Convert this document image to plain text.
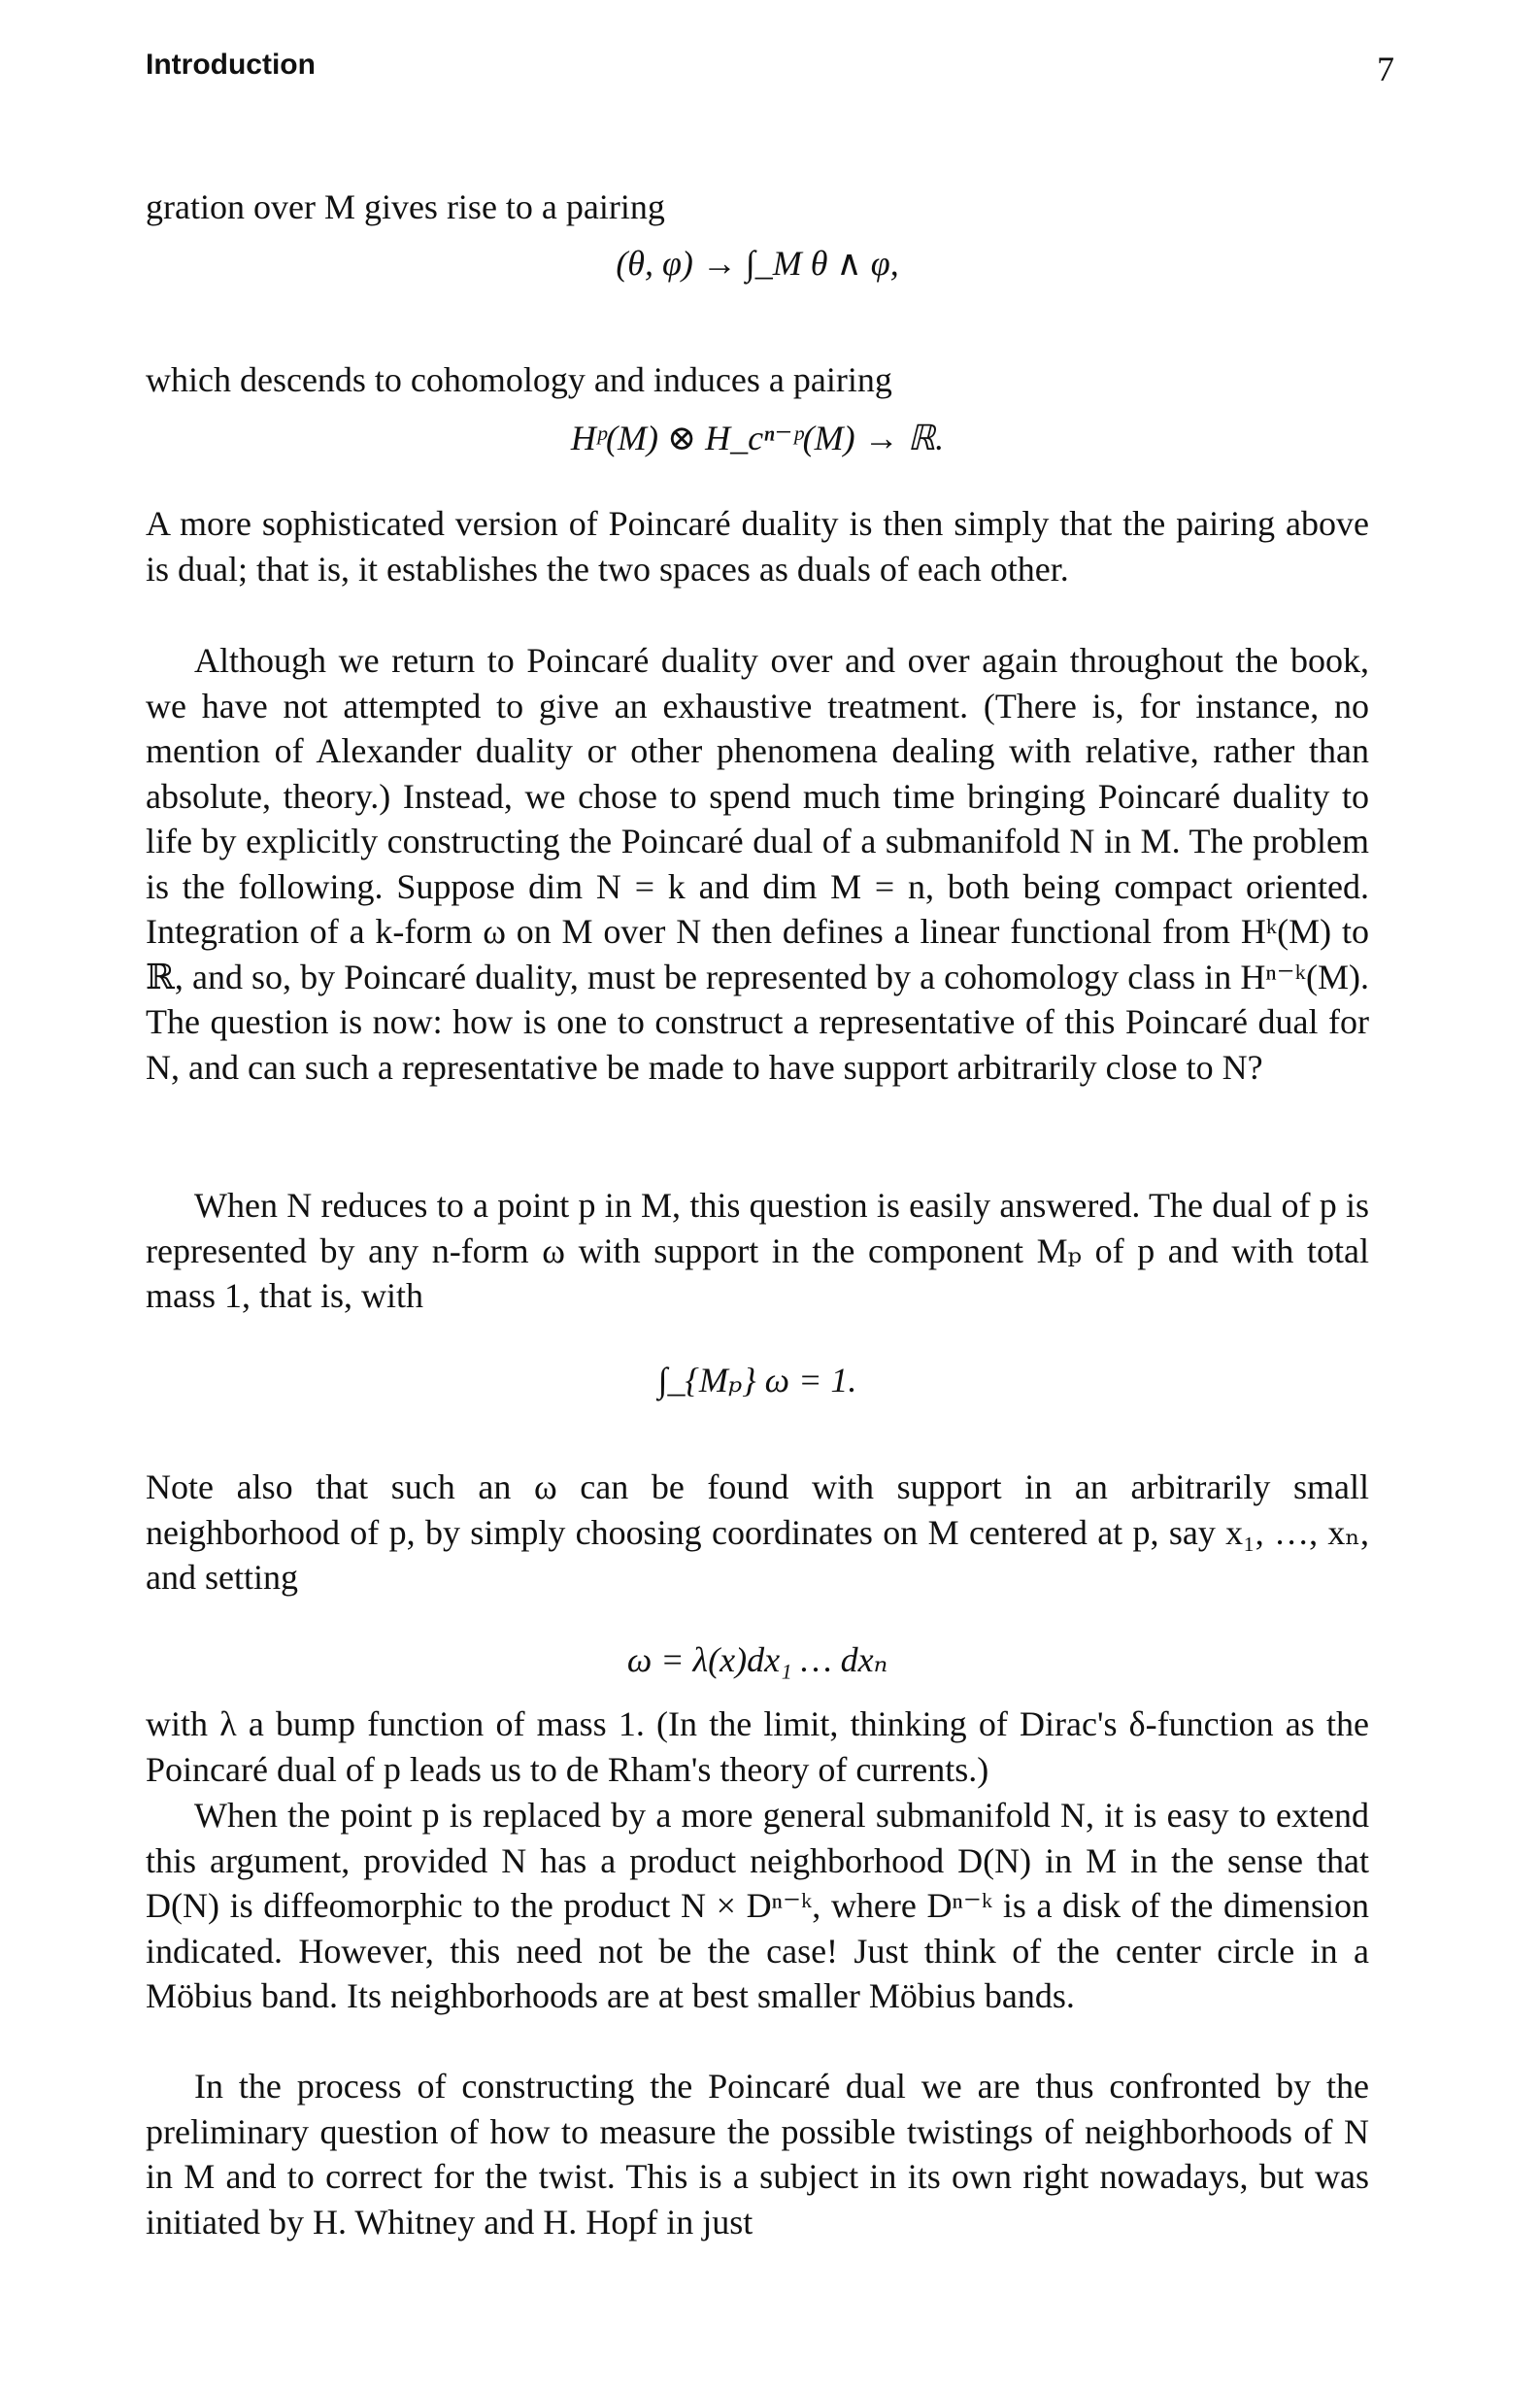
Introduction	7

gration over M gives rise to a pairing

(θ, φ) → ∫_M θ ∧ φ,

which descends to cohomology and induces a pairing

Hᵖ(M) ⊗ H_cⁿ⁻ᵖ(M) → ℝ.

A more sophisticated version of Poincaré duality is then simply that the pairing above is dual; that is, it establishes the two spaces as duals of each other.

Although we return to Poincaré duality over and over again throughout the book, we have not attempted to give an exhaustive treatment. (There is, for instance, no mention of Alexander duality or other phenomena dealing with relative, rather than absolute, theory.) Instead, we chose to spend much time bringing Poincaré duality to life by explicitly constructing the Poincaré dual of a submanifold N in M. The problem is the following. Suppose dim N = k and dim M = n, both being compact oriented. Integration of a k-form ω on M over N then defines a linear functional from Hᵏ(M) to ℝ, and so, by Poincaré duality, must be represented by a cohomology class in Hⁿ⁻ᵏ(M). The question is now: how is one to construct a representative of this Poincaré dual for N, and can such a representative be made to have support arbitrarily close to N?

When N reduces to a point p in M, this question is easily answered. The dual of p is represented by any n-form ω with support in the component Mₚ of p and with total mass 1, that is, with

∫_{Mₚ} ω = 1.

Note also that such an ω can be found with support in an arbitrarily small neighborhood of p, by simply choosing coordinates on M centered at p, say x₁, …, xₙ, and setting

ω = λ(x)dx₁ … dxₙ

with λ a bump function of mass 1. (In the limit, thinking of Dirac's δ-function as the Poincaré dual of p leads us to de Rham's theory of currents.)

When the point p is replaced by a more general submanifold N, it is easy to extend this argument, provided N has a product neighborhood D(N) in M in the sense that D(N) is diffeomorphic to the product N × Dⁿ⁻ᵏ, where Dⁿ⁻ᵏ is a disk of the dimension indicated. However, this need not be the case! Just think of the center circle in a Möbius band. Its neighborhoods are at best smaller Möbius bands.

In the process of constructing the Poincaré dual we are thus confronted by the preliminary question of how to measure the possible twistings of neighborhoods of N in M and to correct for the twist. This is a subject in its own right nowadays, but was initiated by H. Whitney and H. Hopf in just
